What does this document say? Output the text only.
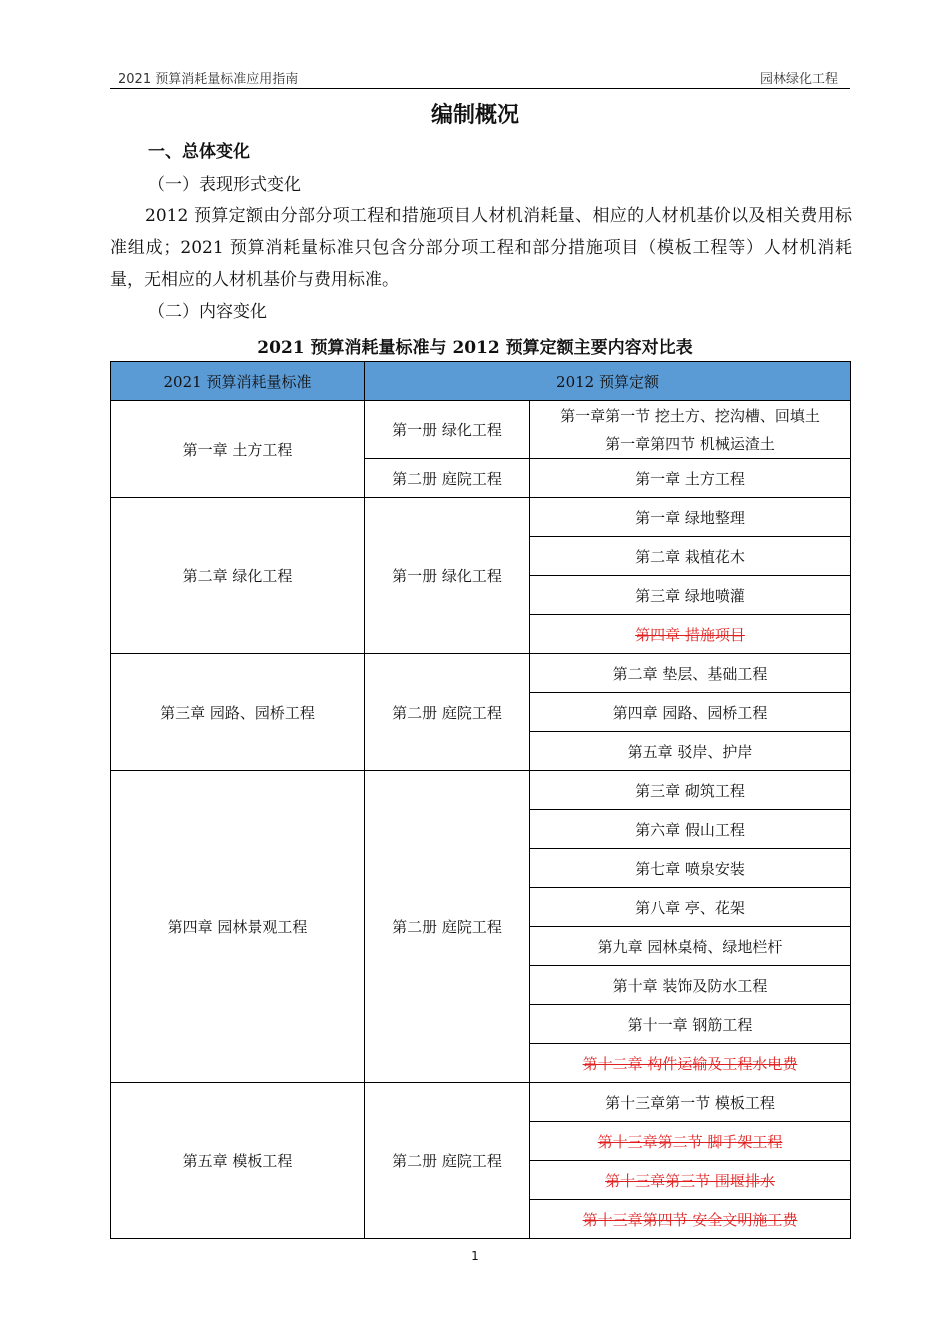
2021 预算消耗量标准应用指南	园林绿化工程
编制概况
一、总体变化
（一）表现形式变化
2012 预算定额由分部分项工程和措施项目人材机消耗量、相应的人材机基价以及相关费用标准组成；2021 预算消耗量标准只包含分部分项工程和部分措施项目（模板工程等）人材机消耗量，无相应的人材机基价与费用标准。
（二）内容变化
2021 预算消耗量标准与 2012 预算定额主要内容对比表
2021 预算消耗量标准	2012 预算定额	
第一章 土方工程	第一册 绿化工程	第一章第一节 挖土方、挖沟槽、回填土
第一章第四节 机械运渣土

	第二册 庭院工程	第一章 土方工程
第二章 绿化工程	第一册 绿化工程	第一章 绿地整理
		第二章 栽植花木
		第三章 绿地喷灌
		第四章 措施项目
第三章 园路、园桥工程	第二册 庭院工程	第二章 垫层、基础工程
		第四章 园路、园桥工程
		第五章 驳岸、护岸
第四章 园林景观工程	第二册 庭院工程	第三章 砌筑工程
		第六章 假山工程
		第七章 喷泉安装
		第八章 亭、花架
		第九章 园林桌椅、绿地栏杆
		第十章 装饰及防水工程
		第十一章 钢筋工程
		第十二章 构件运输及工程水电费
第五章 模板工程	第二册 庭院工程	第十三章第一节 模板工程
		第十三章第二节 脚手架工程
		第十三章第三节 围堰排水
		第十三章第四节 安全文明施工费
1
